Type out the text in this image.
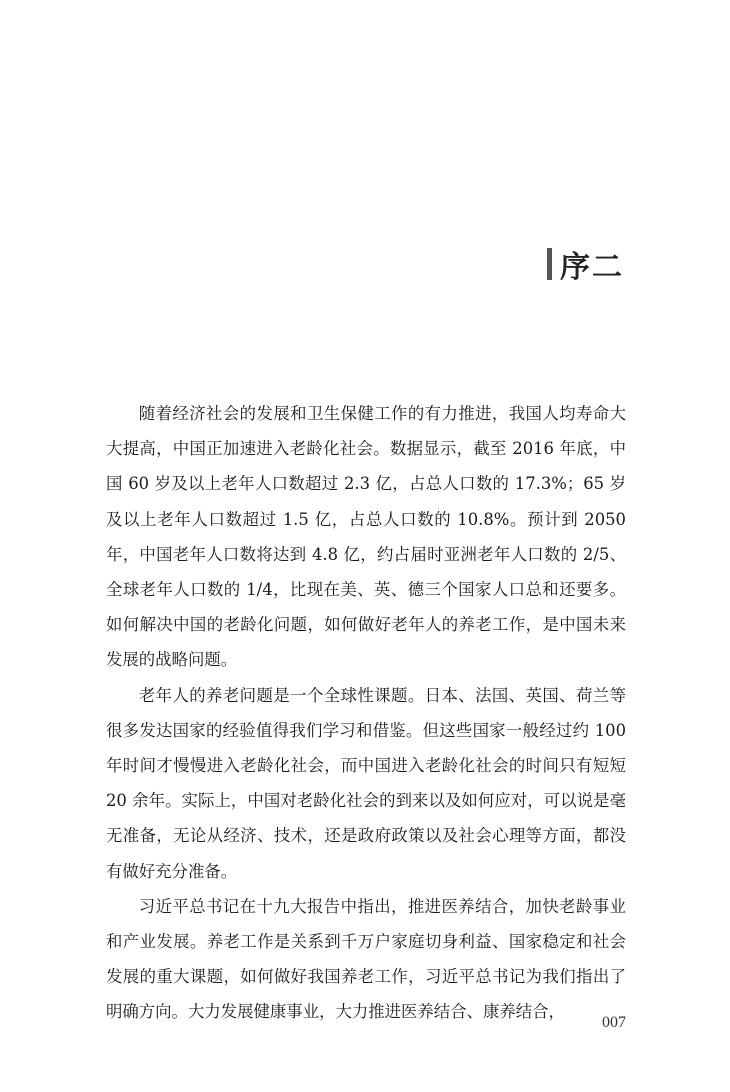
序二

随着经济社会的发展和卫生保健工作的有力推进，我国人均寿命大大提高，中国正加速进入老龄化社会。数据显示，截至 2016 年底，中国 60 岁及以上老年人口数超过 2.3 亿，占总人口数的 17.3%；65 岁及以上老年人口数超过 1.5 亿，占总人口数的 10.8%。预计到 2050 年，中国老年人口数将达到 4.8 亿，约占届时亚洲老年人口数的 2/5、全球老年人口数的 1/4，比现在美、英、德三个国家人口总和还要多。如何解决中国的老龄化问题，如何做好老年人的养老工作，是中国未来发展的战略问题。

老年人的养老问题是一个全球性课题。日本、法国、英国、荷兰等很多发达国家的经验值得我们学习和借鉴。但这些国家一般经过约 100 年时间才慢慢进入老龄化社会，而中国进入老龄化社会的时间只有短短 20 余年。实际上，中国对老龄化社会的到来以及如何应对，可以说是毫无准备，无论从经济、技术，还是政府政策以及社会心理等方面，都没有做好充分准备。

习近平总书记在十九大报告中指出，推进医养结合，加快老龄事业和产业发展。养老工作是关系到千万户家庭切身利益、国家稳定和社会发展的重大课题，如何做好我国养老工作，习近平总书记为我们指出了明确方向。大力发展健康事业，大力推进医养结合、康养结合，

007
